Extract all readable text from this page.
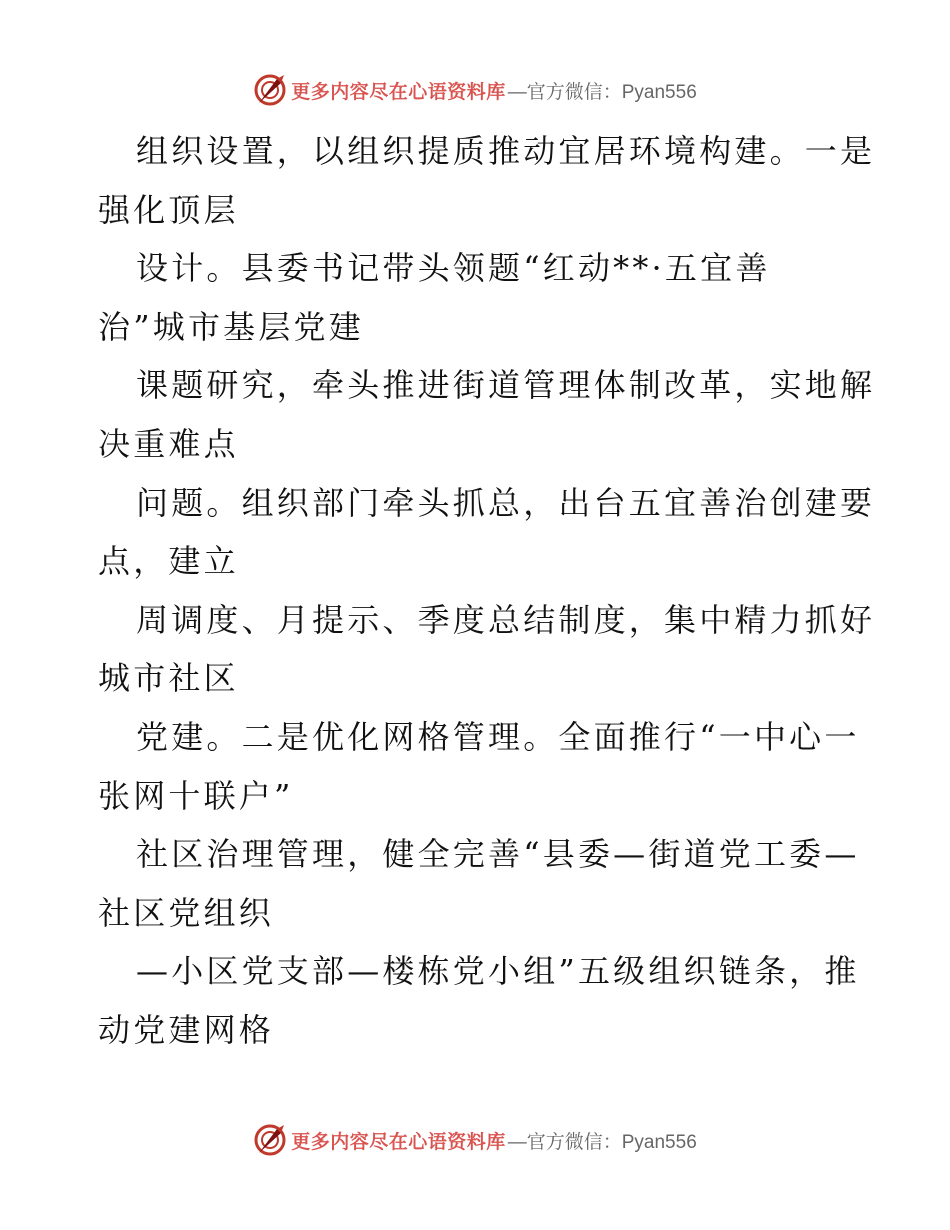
更多内容尽在心语资料库 —官方微信：Pyan556
组织设置，以组织提质推动宜居环境构建。一是
强化顶层
设计。县委书记带头领题“红动**·五宜善
治”城市基层党建
课题研究，牵头推进街道管理体制改革，实地解
决重难点
问题。组织部门牵头抓总，出台五宜善治创建要
点，建立
周调度、月提示、季度总结制度，集中精力抓好
城市社区
党建。二是优化网格管理。全面推行“一中心一
张网十联户”
社区治理管理，健全完善“县委—街道党工委—
社区党组织
—小区党支部—楼栋党小组”五级组织链条，推
动党建网格
更多内容尽在心语资料库 —官方微信：Pyan556
